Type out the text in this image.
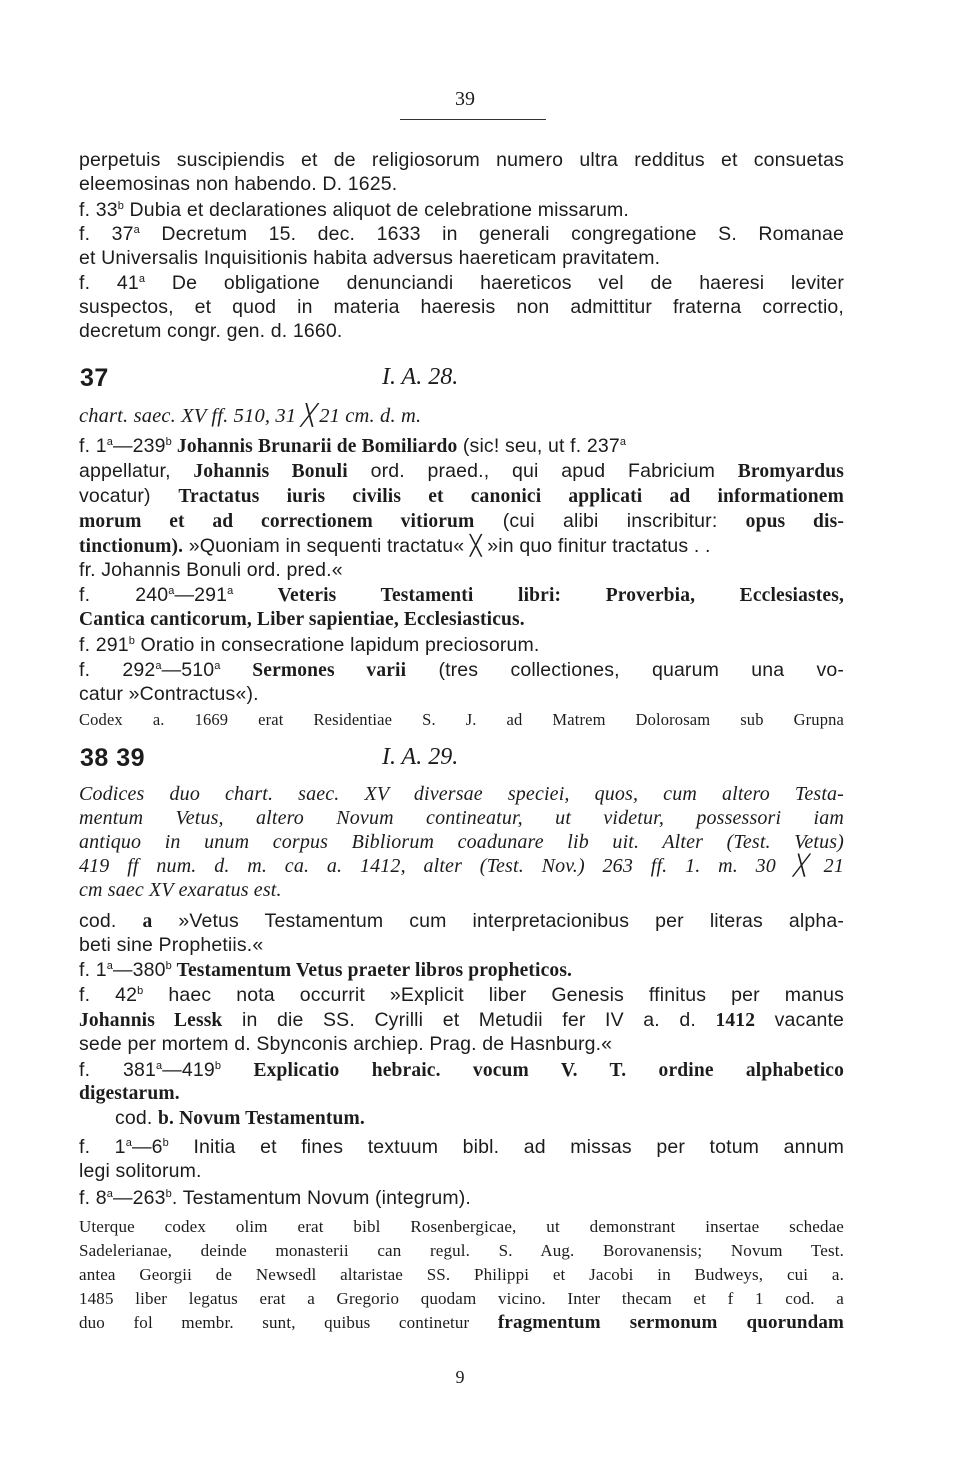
39
perpetuis suscipiendis et de religiosorum numero ultra redditus et consuetas
eleemosinas non habendo. D. 1625.
f. 33$^b$ Dubia et declarationes aliquot de celebratione missarum.
f. 37$^a$ Decretum 15. dec. 1633 in generali congregatione S. Romanae
et Universalis Inquisitionis habita adversus haereticam pravitatem.
f. 41$^a$ De obligatione denunciandi haereticos vel de haeresi leviter
suspectos, et quod in materia haeresis non admittitur fraterna correctio,
decretum congr. gen. d. 1660.
37	I. A. 28.
chart. saec. XV ff. 510, 31 ╳ 21 cm. d. m.
f. 1$^a$—239$^b$ Johannis Brunarii de Bomiliardo (sic! seu, ut f. 237$^a$
appellatur, Johannis Bonuli ord. praed., qui apud Fabricium Bromyardus
vocatur) Tractatus iuris civilis et canonici applicati ad informationem
morum et ad correctionem vitiorum (cui alibi inscribitur: opus dis-
tinctionum). »Quoniam in sequenti tractatu« ╳ »in quo finitur tractatus . .
fr. Johannis Bonuli ord. pred.«
f. 240$^a$—291$^a$ Veteris Testamenti libri: Proverbia, Ecclesiastes,
Cantica canticorum, Liber sapientiae, Ecclesiasticus.
f. 291$^b$ Oratio in consecratione lapidum preciosorum.
f. 292$^a$—510$^a$ Sermones varii (tres collectiones, quarum una vo-
catur »Contractus«).
Codex a. 1669 erat Residentiae S. J. ad Matrem Dolorosam sub Grupna
38 39	I. A. 29.
Codices duo chart. saec. XV diversae speciei, quos, cum altero Testa-
mentum Vetus, altero Novum contineatur, ut videtur, possessori iam
antiquo in unum corpus Bibliorum coadunare lib uit. Alter (Test. Vetus)
419 ff num. d. m. ca. a. 1412, alter (Test. Nov.) 263 ff. 1. m. 30 ╳ 21
cm saec XV exaratus est.
cod. a »Vetus Testamentum cum interpretacionibus per literas alpha-
beti sine Prophetiis.«
f. 1$^a$—380$^b$ Testamentum Vetus praeter libros propheticos.
f. 42$^b$ haec nota occurrit »Explicit liber Genesis ffinitus per manus
Johannis Lessk in die SS. Cyrilli et Metudii fer IV a. d. 1412 vacante
sede per mortem d. Sbynconis archiep. Prag. de Hasnburg.«
f. 381$^a$—419$^b$ Explicatio hebraic. vocum V. T. ordine alphabetico
digestarum.
cod. b. Novum Testamentum.
f. 1$^a$—6$^b$ Initia et fines textuum bibl. ad missas per totum annum
legi solitorum.
f. 8$^a$—263$^b$. Testamentum Novum (integrum).
Uterque codex olim erat bibl Rosenbergicae, ut demonstrant insertae schedae
Sadelerianae, deinde monasterii can regul. S. Aug. Borovanensis; Novum Test.
antea Georgii de Newsedl altaristae SS. Philippi et Jacobi in Budweys, cui a.
1485 liber legatus erat a Gregorio quodam vicino. Inter thecam et f 1 cod. a
duo fol membr. sunt, quibus continetur fragmentum sermonum quorundam
9
